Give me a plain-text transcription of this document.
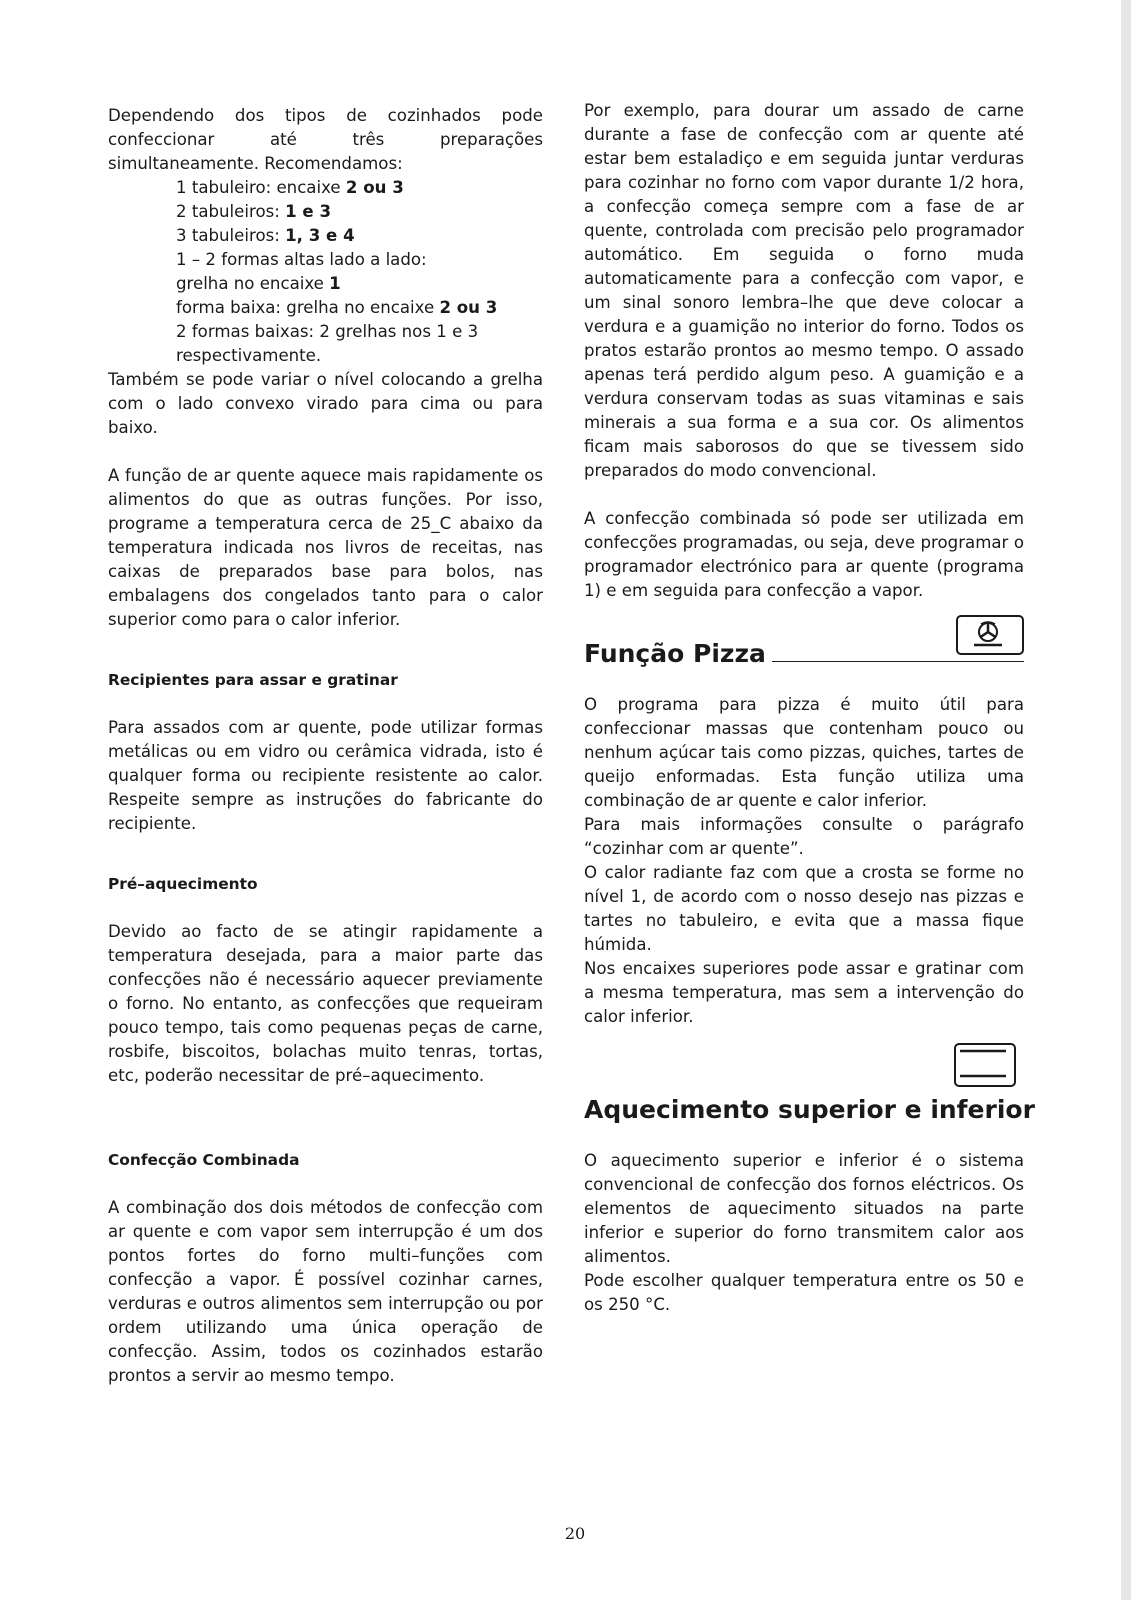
Dependendo dos tipos de cozinhados pode confeccionar até três preparações simultaneamente. Recomendamos:

1 tabuleiro: encaixe 2 ou 3
2 tabuleiros: 1 e 3
3 tabuleiros: 1, 3 e 4
1 – 2 formas altas lado a lado:
grelha no encaixe 1
forma baixa: grelha no encaixe 2 ou 3
2 formas baixas: 2 grelhas nos 1 e 3 respectivamente.

Também se pode variar o nível colocando a grelha com o lado convexo virado para cima ou para baixo.

A função de ar quente aquece mais rapidamente os alimentos do que as outras funções. Por isso, programe a temperatura cerca de 25_C abaixo da temperatura indicada nos livros de receitas, nas caixas de preparados base para bolos, nas embalagens dos congelados tanto para o calor superior como para o calor inferior.

Recipientes para assar e gratinar

Para assados com ar quente, pode utilizar formas metálicas ou em vidro ou cerâmica vidrada, isto é qualquer forma ou recipiente resistente ao calor. Respeite sempre as instruções do fabricante do recipiente.

Pré–aquecimento

Devido ao facto de se atingir rapidamente a temperatura desejada, para a maior parte das confecções não é necessário aquecer previamente o forno. No entanto, as confecções que requeiram pouco tempo, tais como pequenas peças de carne, rosbife, biscoitos, bolachas muito tenras, tortas, etc, poderão necessitar de pré–aquecimento.

Confecção Combinada

A combinação dos dois métodos de confecção com ar quente e com vapor sem interrupção é um dos pontos fortes do forno multi–funções com confecção a vapor. É possível cozinhar carnes, verduras e outros alimentos sem interrupção ou por ordem utilizando uma única operação de confecção. Assim, todos os cozinhados estarão prontos a servir ao mesmo tempo.

Por exemplo, para dourar um assado de carne durante a fase de confecção com ar quente até estar bem estaladiço e em seguida juntar verduras para cozinhar no forno com vapor durante 1/2 hora, a confecção começa sempre com a fase de ar quente, controlada com precisão pelo programador automático. Em seguida o forno muda automaticamente para a confecção com vapor, e um sinal sonoro lembra–lhe que deve colocar a verdura e a guamição no interior do forno. Todos os pratos estarão prontos ao mesmo tempo. O assado apenas terá perdido algum peso. A guamição e a verdura conservam todas as suas vitaminas e sais minerais a sua forma e a sua cor. Os alimentos ficam mais saborosos do que se tivessem sido preparados do modo convencional.

A confecção combinada só pode ser utilizada em confecções programadas, ou seja, deve programar o programador electrónico para ar quente (programa 1) e em seguida para confecção a vapor.

Função Pizza

O programa para pizza é muito útil para confeccionar massas que contenham pouco ou nenhum açúcar tais como pizzas, quiches, tartes de queijo enformadas. Esta função utiliza uma combinação de ar quente e calor inferior.

Para mais informações consulte o parágrafo “cozinhar com ar quente”.

O calor radiante faz com que a crosta se forme no nível 1, de acordo com o nosso desejo nas pizzas e tartes no tabuleiro, e evita que a massa fique húmida.

Nos encaixes superiores pode assar e gratinar com a mesma temperatura, mas sem a intervenção do calor inferior.

Aquecimento superior e inferior

O aquecimento superior e inferior é o sistema convencional de confecção dos fornos eléctricos. Os elementos de aquecimento situados na parte inferior e superior do forno transmitem calor aos alimentos.

Pode escolher qualquer temperatura entre os 50 e os 250 °C.

20
